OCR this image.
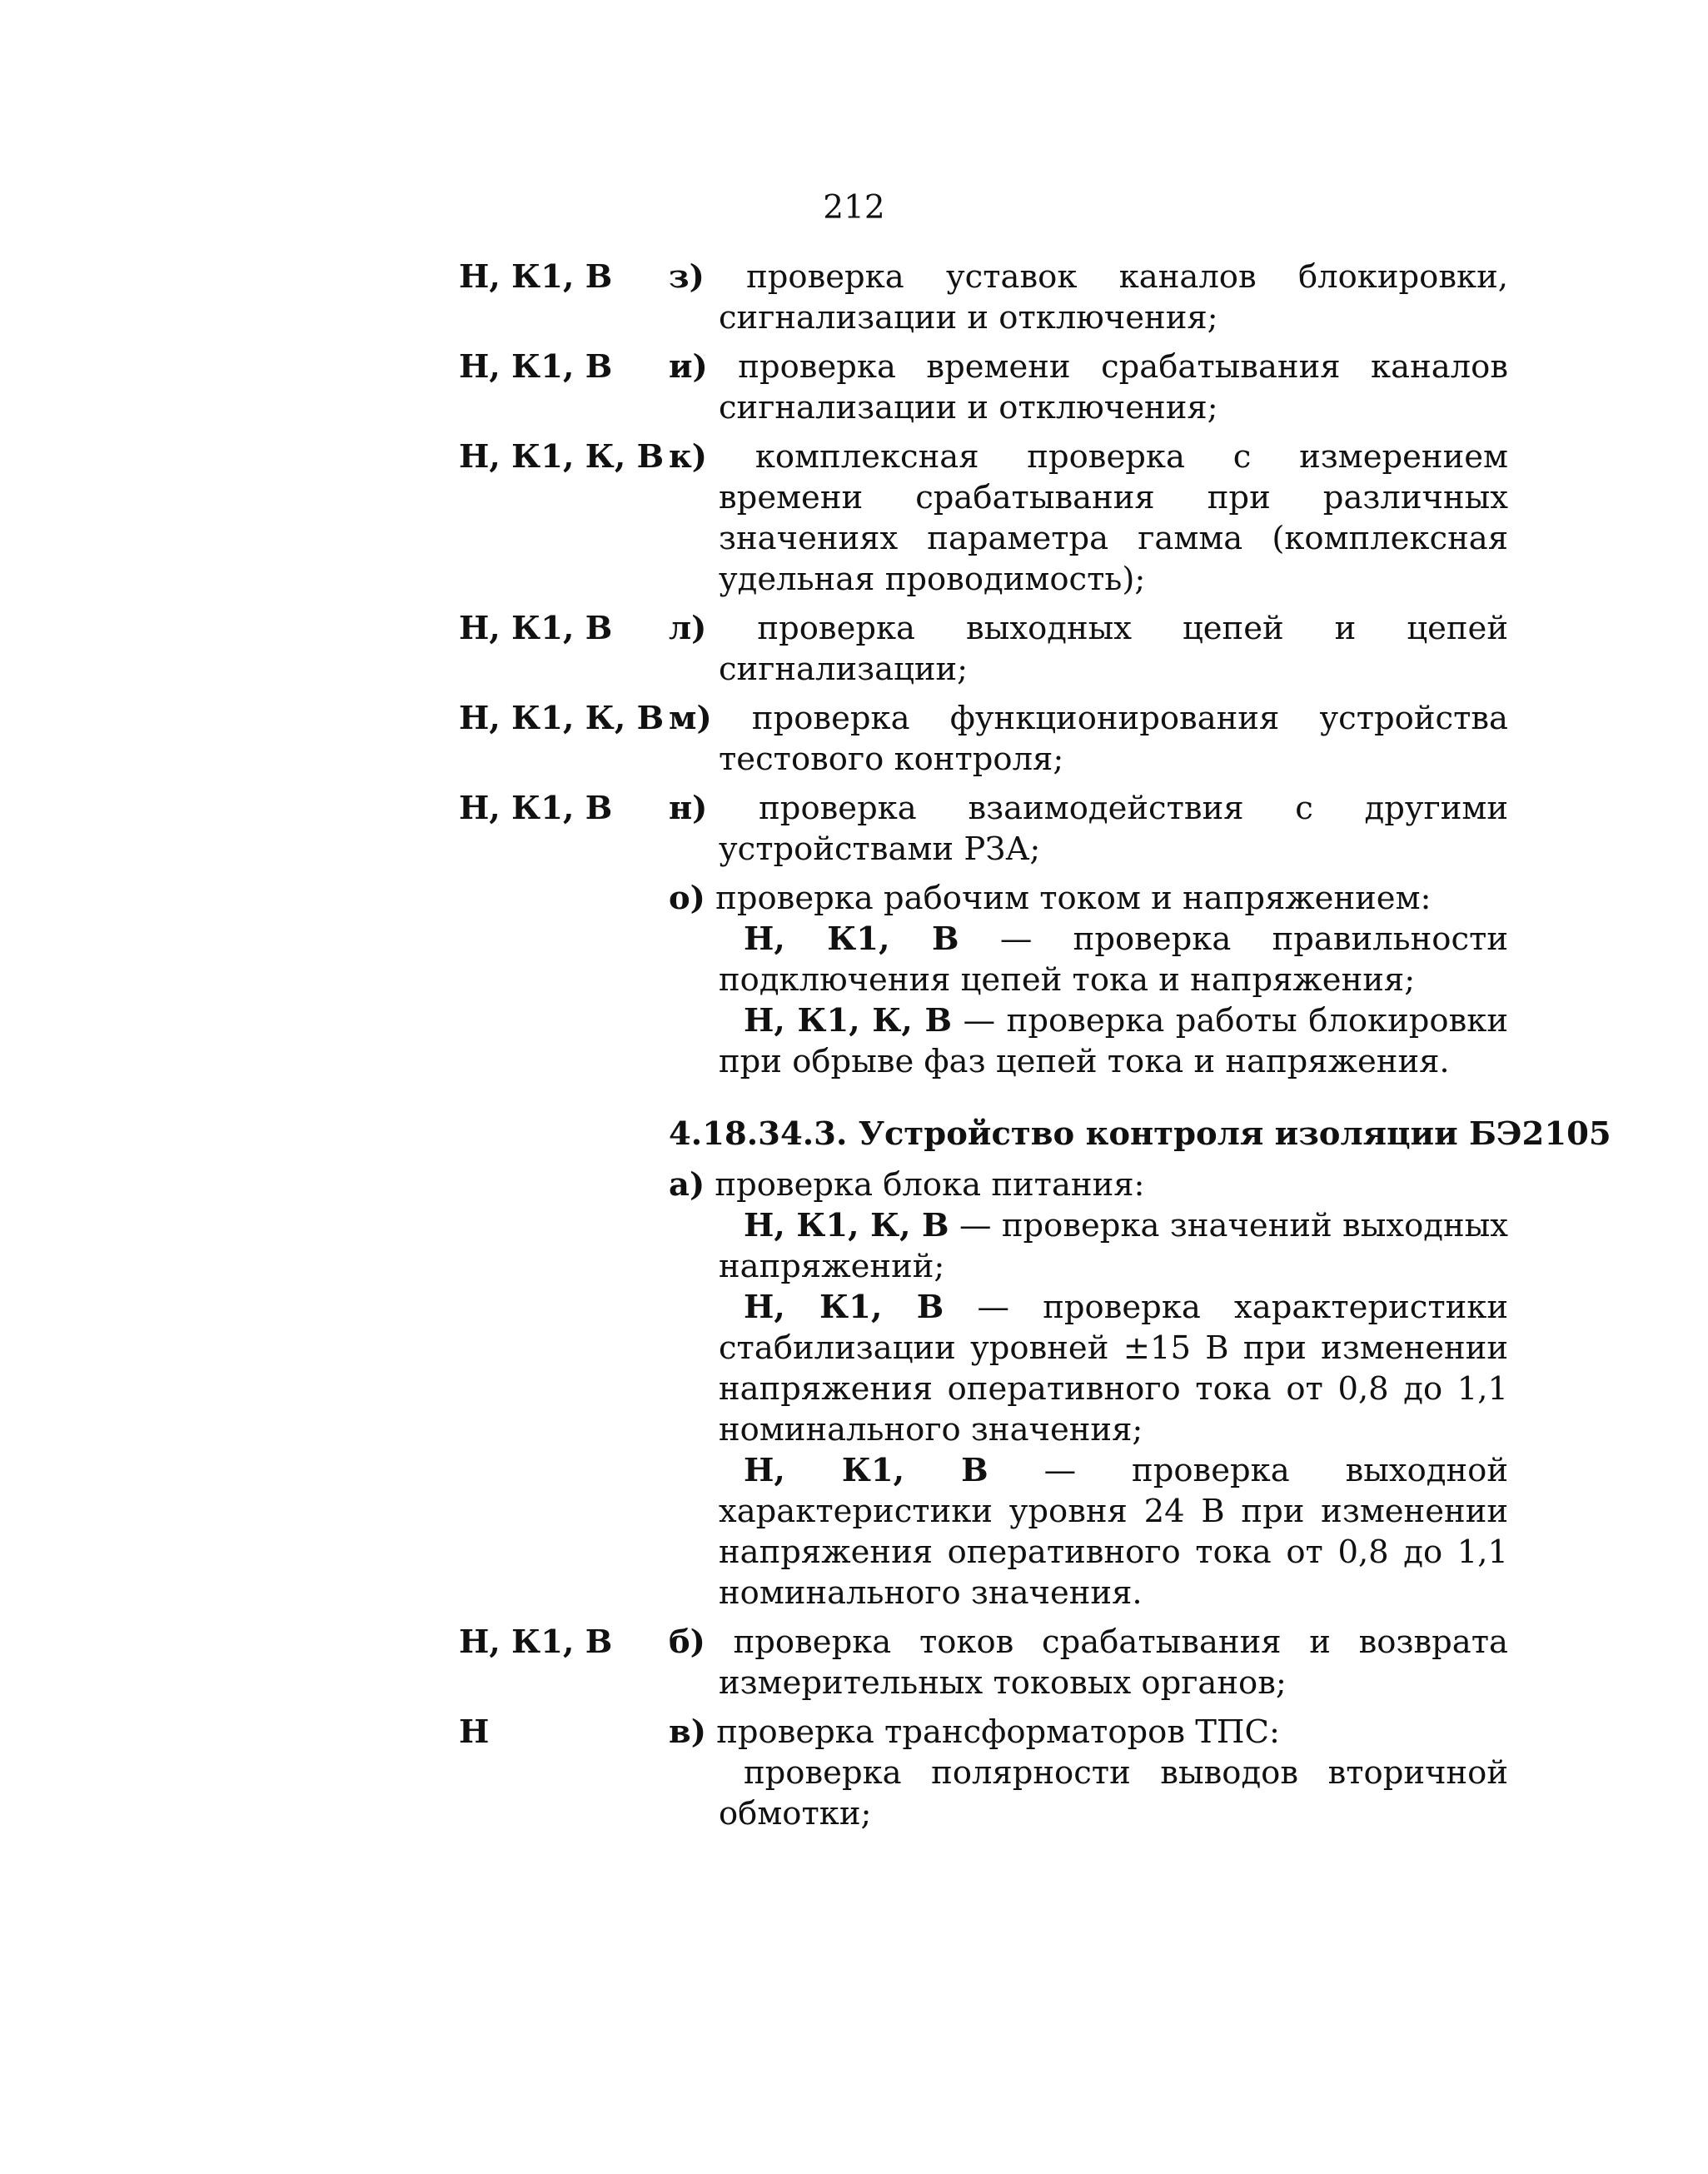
212
Н, К1, В	з) проверка уставок каналов блокировки, сигнализации и отключения;
Н, К1, В	и) проверка времени срабатывания каналов сигнализации и отключения;
Н, К1, К, В к) комплексная проверка с измерением времени срабатывания при различных значениях параметра гамма (комплексная удельная проводимость);
Н, К1, В	л) проверка выходных цепей и цепей сигнализации;
Н, К1, К, В м) проверка функционирования устройства тестового контроля;
Н, К1, В	н) проверка взаимодействия с другими устройствами РЗА;
о) проверка рабочим током и напряжением:
Н, К1, В — проверка правильности подключения цепей тока и напряжения;
Н, К1, К, В — проверка работы блокировки при обрыве фаз цепей тока и напряжения.
4.18.34.3. Устройство контроля изоляции БЭ2105
а) проверка блока питания:
Н, К1, К, В — проверка значений выходных напряжений;
Н, К1, В — проверка характеристики стабилизации уровней ±15 В при изменении напряжения оперативного тока от 0,8 до 1,1 номинального значения;
Н, К1, В — проверка выходной характеристики уровня 24 В при изменении напряжения оперативного тока от 0,8 до 1,1 номинального значения.
Н, К1, В	б) проверка токов срабатывания и возврата измерительных токовых органов;
Н	в) проверка трансформаторов ТПС:
проверка полярности выводов вторичной обмотки;
